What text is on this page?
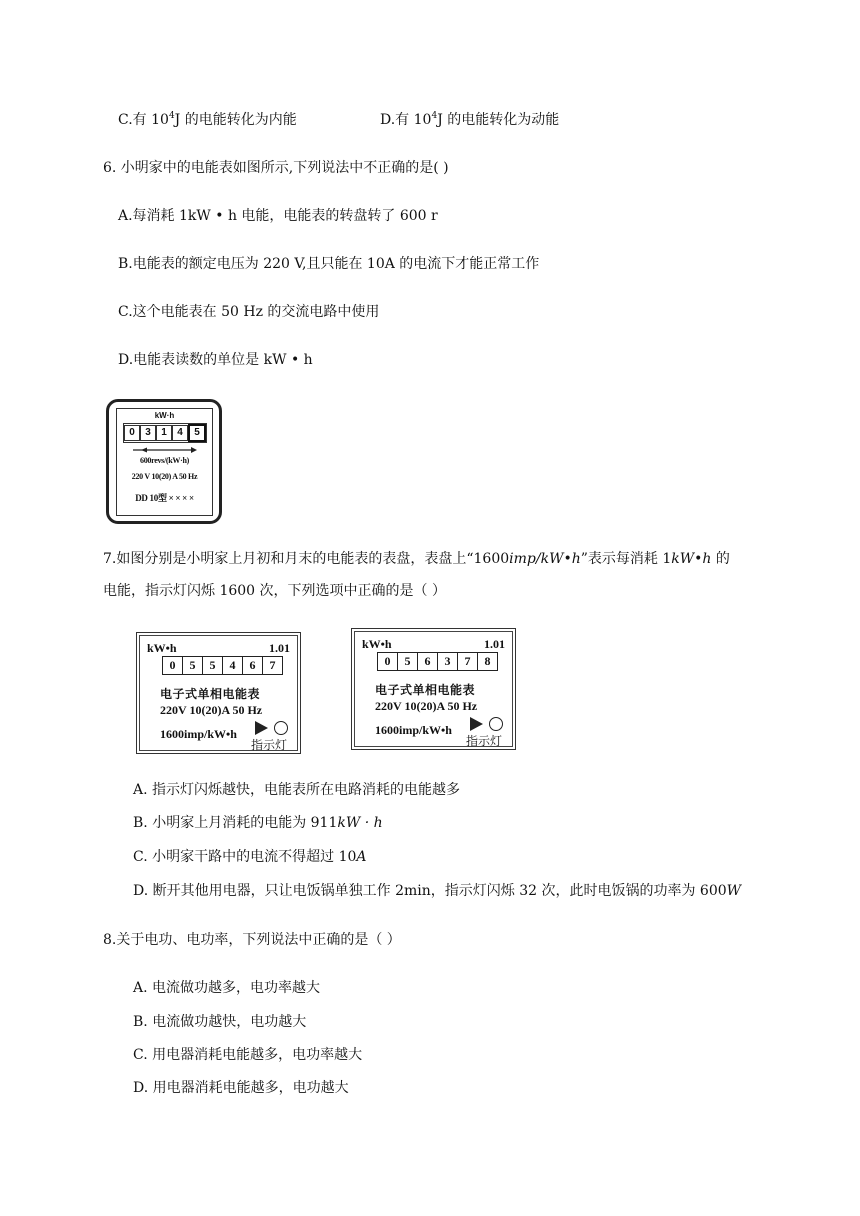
C.有 $10^4J$ 的电能转化为内能	D.有 $10^4J$ 的电能转化为动能
6. 小明家中的电能表如图所示,下列说法中不正确的是( )
A.每消耗 1kW • h 电能，电能表的转盘转了 600 r
B.电能表的额定电压为 220 V,且只能在 10A 的电流下才能正常工作
C.这个电能表在 50 Hz 的交流电路中使用
D.电能表读数的单位是 kW • h
kW·h
0	3	1	4	5
600revs/(kW·h)
220 V 10(20) A 50 Hz
DD 10型 × × × ×
7.如图分别是小明家上月初和月末的电能表的表盘，表盘上“1600imp/kW•h”表示每消耗 1kW•h 的
电能，指示灯闪烁 1600 次，下列选项中正确的是（ ）
kW•h	1.01
0	5	5	4	6	7
电子式单相电能表
220V 10(20)A 50 Hz
1600imp/kW•h
指示灯
kW•h	1.01
0	5	6	3	7	8
电子式单相电能表
220V 10(20)A 50 Hz
1600imp/kW•h
指示灯
A. 指示灯闪烁越快，电能表所在电路消耗的电能越多
B. 小明家上月消耗的电能为 911kW · h
C. 小明家干路中的电流不得超过 10A
D. 断开其他用电器，只让电饭锅单独工作 2min，指示灯闪烁 32 次，此时电饭锅的功率为 600W
8.关于电功、电功率，下列说法中正确的是（ ）
A. 电流做功越多，电功率越大
B. 电流做功越快，电功越大
C. 用电器消耗电能越多，电功率越大
D. 用电器消耗电能越多，电功越大
